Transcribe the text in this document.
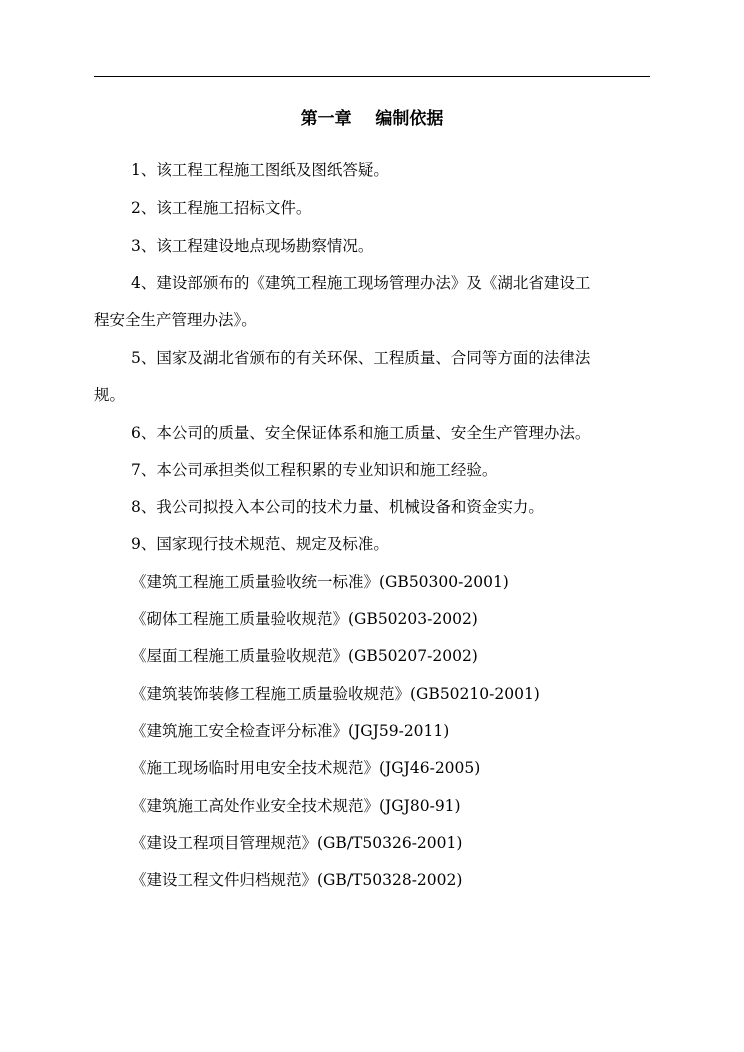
第一章    编制依据
1、该工程工程施工图纸及图纸答疑。
2、该工程施工招标文件。
3、该工程建设地点现场勘察情况。
4、建设部颁布的《建筑工程施工现场管理办法》及《湖北省建设工
程安全生产管理办法》。
5、国家及湖北省颁布的有关环保、工程质量、合同等方面的法律法
规。
6、本公司的质量、安全保证体系和施工质量、安全生产管理办法。
7、本公司承担类似工程积累的专业知识和施工经验。
8、我公司拟投入本公司的技术力量、机械设备和资金实力。
9、国家现行技术规范、规定及标准。
《建筑工程施工质量验收统一标准》(GB50300-2001)
《砌体工程施工质量验收规范》(GB50203-2002)
《屋面工程施工质量验收规范》(GB50207-2002)
《建筑装饰装修工程施工质量验收规范》(GB50210-2001)
《建筑施工安全检查评分标准》(JGJ59-2011)
《施工现场临时用电安全技术规范》(JGJ46-2005)
《建筑施工高处作业安全技术规范》(JGJ80-91)
《建设工程项目管理规范》(GB/T50326-2001)
《建设工程文件归档规范》(GB/T50328-2002)
